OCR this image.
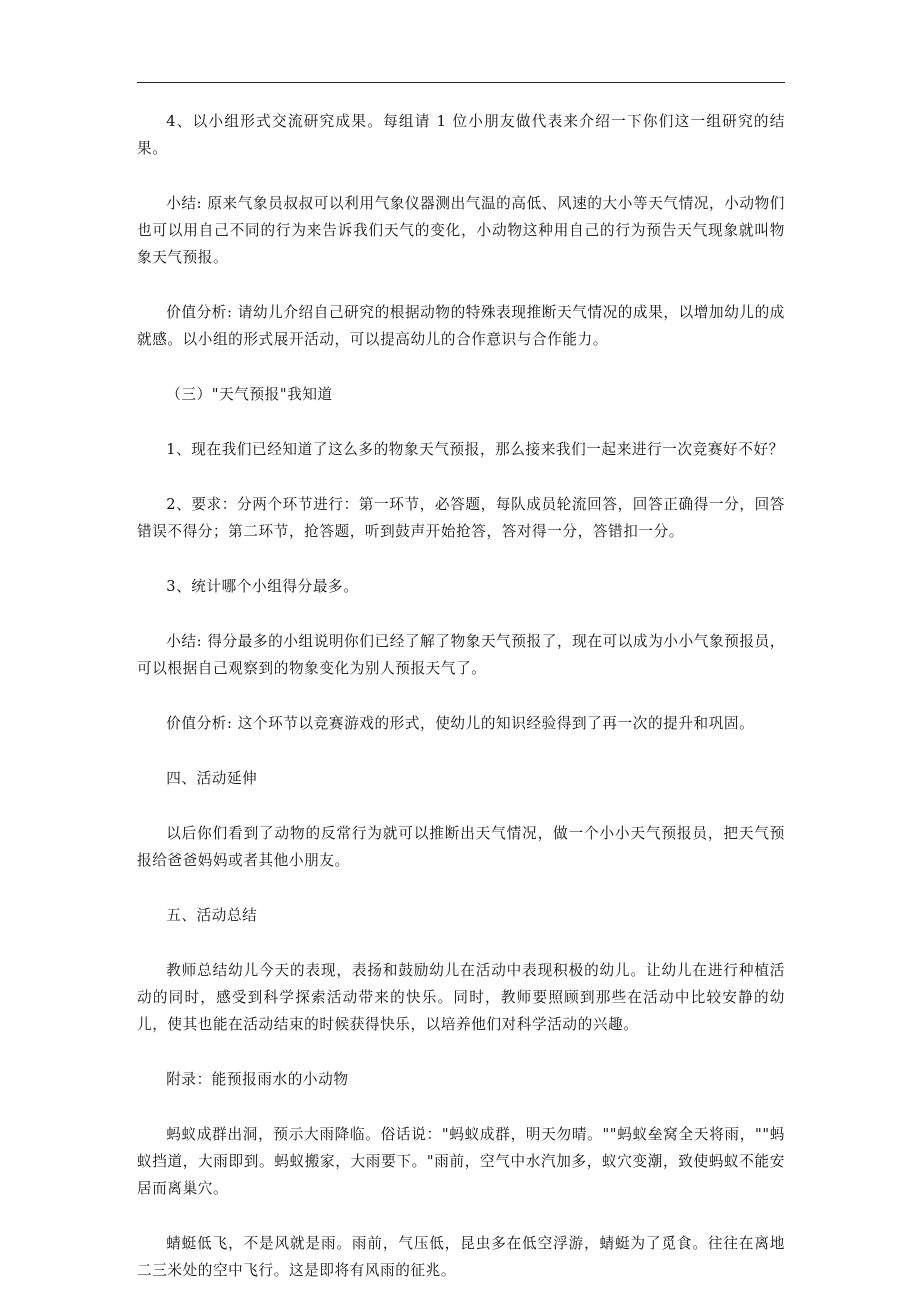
4、以小组形式交流研究成果。每组请 1 位小朋友做代表来介绍一下你们这一组研究的结果。

小结: 原来气象员叔叔可以利用气象仪器测出气温的高低、风速的大小等天气情况，小动物们也可以用自己不同的行为来告诉我们天气的变化，小动物这种用自己的行为预告天气现象就叫物象天气预报。

价值分析: 请幼儿介绍自己研究的根据动物的特殊表现推断天气情况的成果，以增加幼儿的成就感。以小组的形式展开活动，可以提高幼儿的合作意识与合作能力。

（三）"天气预报"我知道

1、现在我们已经知道了这么多的物象天气预报，那么接来我们一起来进行一次竞赛好不好？

2、要求：分两个环节进行：第一环节，必答题，每队成员轮流回答，回答正确得一分，回答错误不得分；第二环节，抢答题，听到鼓声开始抢答，答对得一分，答错扣一分。

3、统计哪个小组得分最多。

小结: 得分最多的小组说明你们已经了解了物象天气预报了，现在可以成为小小气象预报员，可以根据自己观察到的物象变化为别人预报天气了。

价值分析: 这个环节以竞赛游戏的形式，使幼儿的知识经验得到了再一次的提升和巩固。

四、活动延伸

以后你们看到了动物的反常行为就可以推断出天气情况，做一个小小天气预报员，把天气预报给爸爸妈妈或者其他小朋友。

五、活动总结

教师总结幼儿今天的表现，表扬和鼓励幼儿在活动中表现积极的幼儿。让幼儿在进行种植活动的同时，感受到科学探索活动带来的快乐。同时，教师要照顾到那些在活动中比较安静的幼儿，使其也能在活动结束的时候获得快乐，以培养他们对科学活动的兴趣。

附录：能预报雨水的小动物

蚂蚁成群出洞，预示大雨降临。俗话说："蚂蚁成群，明天勿晴。""蚂蚁垒窝全天将雨，""蚂蚁挡道，大雨即到。蚂蚁搬家，大雨要下。"雨前，空气中水汽加多，蚁穴变潮，致使蚂蚁不能安居而离巢穴。

蜻蜓低飞，不是风就是雨。雨前，气压低，昆虫多在低空浮游，蜻蜓为了觅食。往往在离地二三米处的空中飞行。这是即将有风雨的征兆。
